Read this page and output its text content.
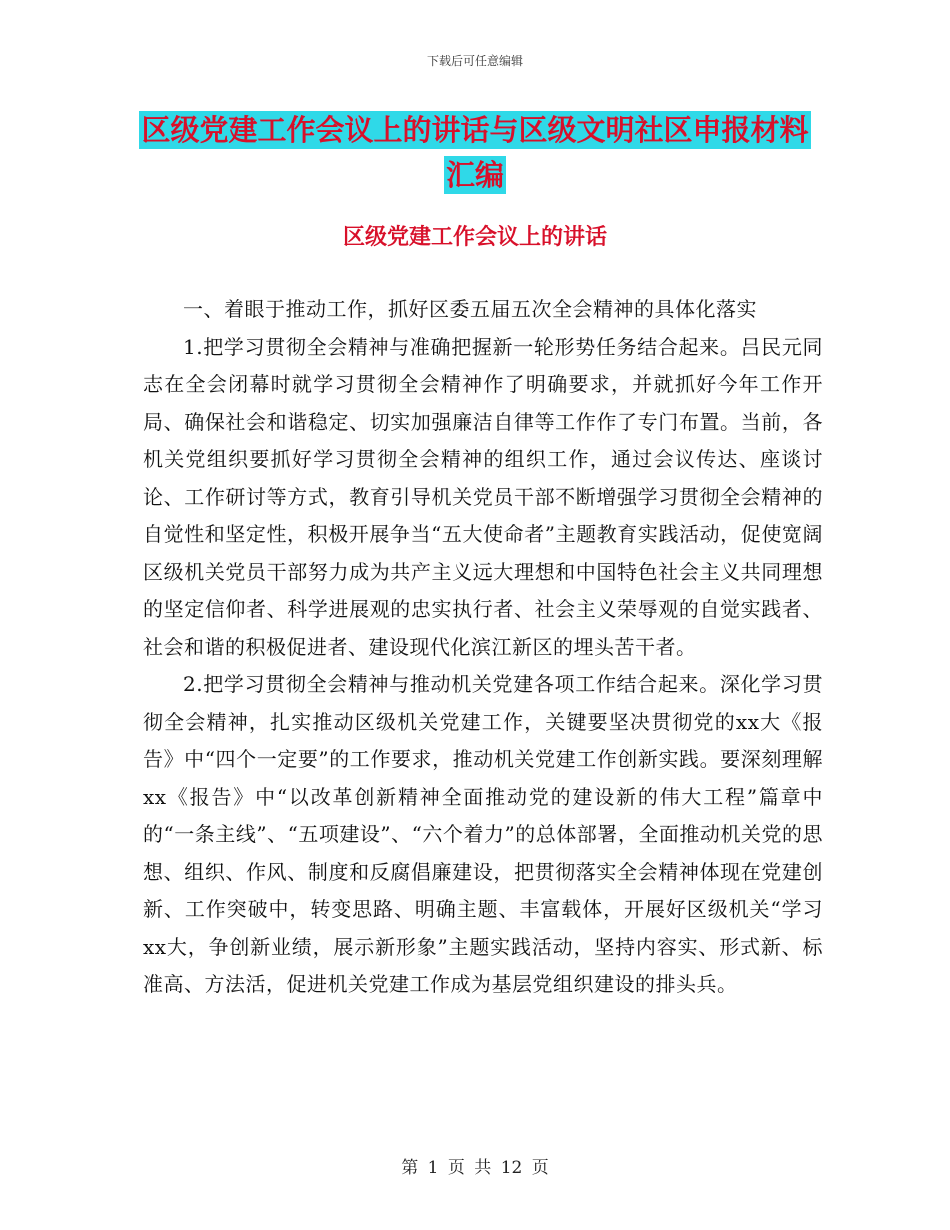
下载后可任意编辑
区级党建工作会议上的讲话与区级文明社区申报材料
汇编
区级党建工作会议上的讲话

一、着眼于推动工作，抓好区委五届五次全会精神的具体化落实

1.把学习贯彻全会精神与准确把握新一轮形势任务结合起来。吕民元同志在全会闭幕时就学习贯彻全会精神作了明确要求，并就抓好今年工作开局、确保社会和谐稳定、切实加强廉洁自律等工作作了专门布置。当前，各机关党组织要抓好学习贯彻全会精神的组织工作，通过会议传达、座谈讨论、工作研讨等方式，教育引导机关党员干部不断增强学习贯彻全会精神的自觉性和坚定性，积极开展争当“五大使命者”主题教育实践活动，促使宽阔区级机关党员干部努力成为共产主义远大理想和中国特色社会主义共同理想的坚定信仰者、科学进展观的忠实执行者、社会主义荣辱观的自觉实践者、社会和谐的积极促进者、建设现代化滨江新区的埋头苦干者。

2.把学习贯彻全会精神与推动机关党建各项工作结合起来。深化学习贯彻全会精神，扎实推动区级机关党建工作，关键要坚决贯彻党的xx大《报告》中“四个一定要”的工作要求，推动机关党建工作创新实践。要深刻理解xx《报告》中“以改革创新精神全面推动党的建设新的伟大工程”篇章中的“一条主线”、“五项建设”、“六个着力”的总体部署，全面推动机关党的思想、组织、作风、制度和反腐倡廉建设，把贯彻落实全会精神体现在党建创新、工作突破中，转变思路、明确主题、丰富载体，开展好区级机关“学习xx大，争创新业绩，展示新形象”主题实践活动，坚持内容实、形式新、标准高、方法活，促进机关党建工作成为基层党组织建设的排头兵。

第 1 页 共 12 页
